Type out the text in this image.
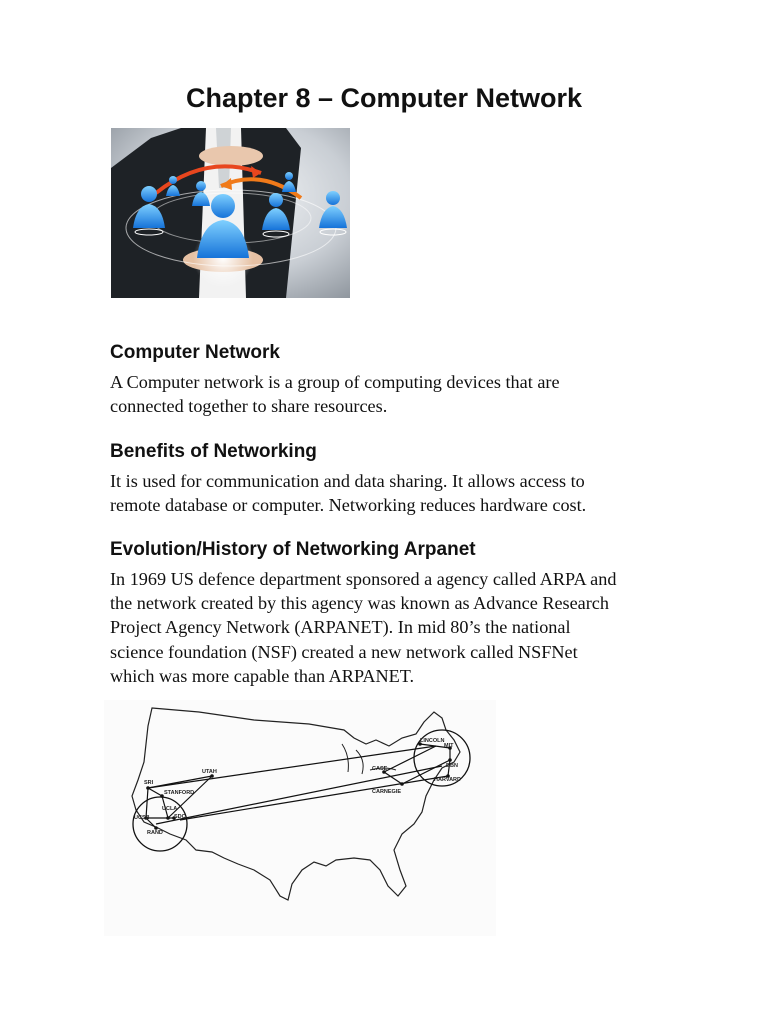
Chapter 8 – Computer Network
Computer Network

A Computer network is a group of computing devices that are
connected together to share resources.

Benefits of Networking

It is used for communication and data sharing. It allows access to
remote database or computer. Networking reduces hardware cost.

Evolution/History of Networking Arpanet

In 1969 US defence department sponsored a agency called ARPA and
the network created by this agency was known as Advance Research
Project Agency Network (ARPANET). In mid 80’s the national
science foundation (NSF) created a new network called NSFNet
which was more capable than ARPANET.

LINCOLN
MIT
BBN
HARVARD
CASE
CARNEGIE
UTAH
SRI
STANFORD
UCLA
UCSB	SDC
RAND
